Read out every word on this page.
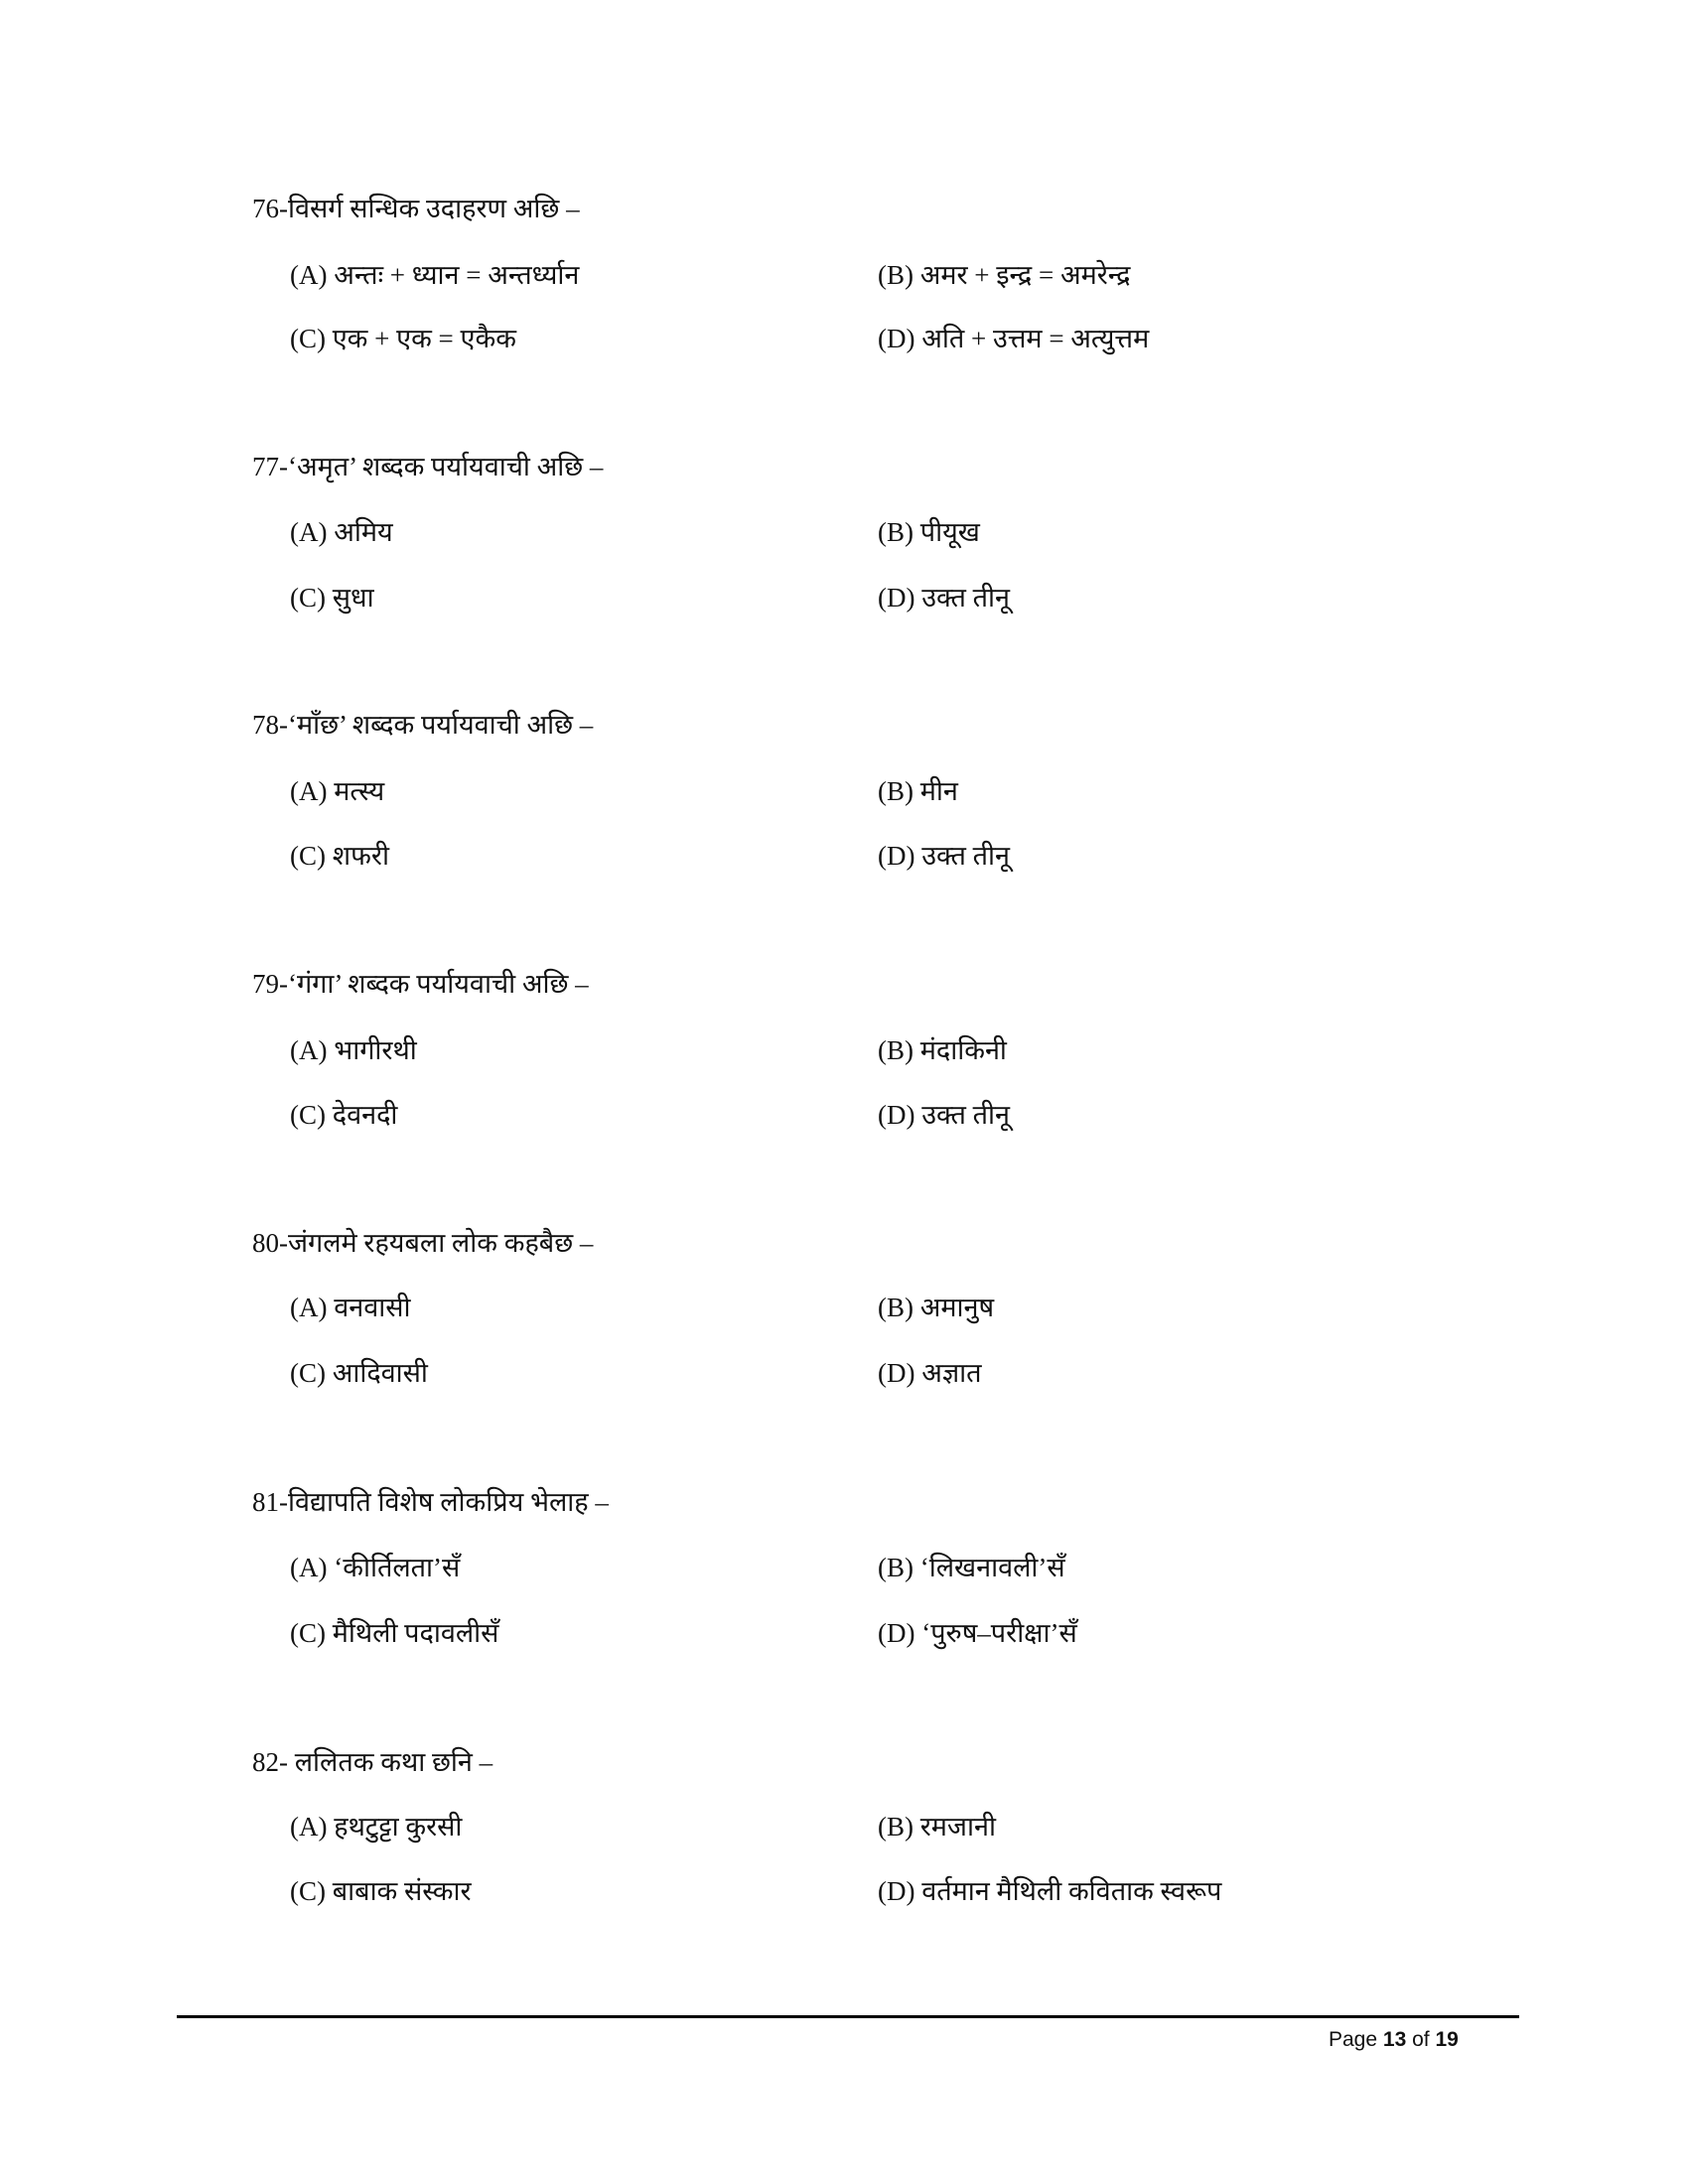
76-विसर्ग सन्धिक उदाहरण अछि –
(A) अन्तः + ध्यान = अन्तर्ध्यान	(B) अमर + इन्द्र = अमरेन्द्र
(C) एक + एक = एकैक	(D) अति + उत्तम = अत्युत्तम
77-‘अमृत’ शब्दक पर्यायवाची अछि –
(A) अमिय	(B) पीयूख
(C) सुधा	(D) उक्त तीनू
78-‘माँछ’ शब्दक पर्यायवाची अछि –
(A) मत्स्य	(B) मीन
(C) शफरी	(D) उक्त तीनू
79-‘गंगा’ शब्दक पर्यायवाची अछि –
(A) भागीरथी	(B) मंदाकिनी
(C) देवनदी	(D) उक्त तीनू
80-जंगलमे रहयबला लोक कहबैछ –
(A) वनवासी	(B) अमानुष
(C) आदिवासी	(D) अज्ञात
81-विद्यापति विशेष लोकप्रिय भेलाह –
(A) ‘कीर्तिलता’सँ	(B) ‘लिखनावली’सँ
(C) मैथिली पदावलीसँ	(D) ‘पुरुष–परीक्षा’सँ
82- ललितक कथा छनि –
(A) हथटुट्टा कुरसी	(B) रमजानी
(C) बाबाक संस्कार	(D) वर्तमान मैथिली कविताक स्वरूप
Page 13 of 19
